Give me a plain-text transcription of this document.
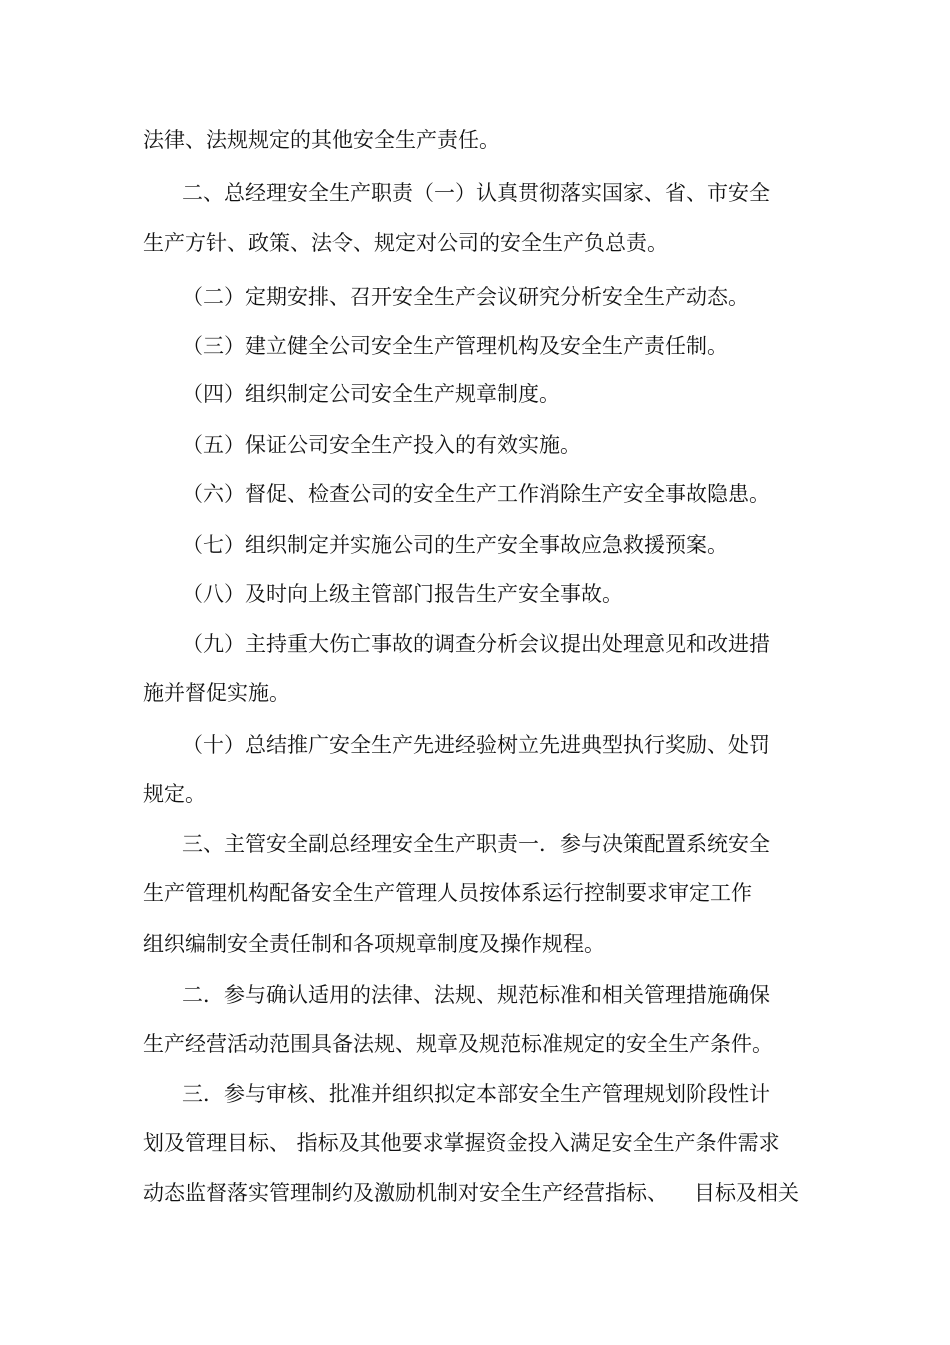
法律、法规规定的其他安全生产责任。
二、总经理安全生产职责（一）认真贯彻落实国家、省、市安全
生产方针、政策、法令、规定对公司的安全生产负总责。
（二）定期安排、召开安全生产会议研究分析安全生产动态。
（三）建立健全公司安全生产管理机构及安全生产责任制。
（四）组织制定公司安全生产规章制度。
（五）保证公司安全生产投入的有效实施。
（六）督促、检查公司的安全生产工作消除生产安全事故隐患。
（七）组织制定并实施公司的生产安全事故应急救援预案。
（八）及时向上级主管部门报告生产安全事故。
（九）主持重大伤亡事故的调查分析会议提出处理意见和改进措
施并督促实施。
（十）总结推广安全生产先进经验树立先进典型执行奖励、处罚
规定。
三、主管安全副总经理安全生产职责一．参与决策配置系统安全
生产管理机构配备安全生产管理人员按体系运行控制要求审定工作
组织编制安全责任制和各项规章制度及操作规程。
二．参与确认适用的法律、法规、规范标准和相关管理措施确保
生产经营活动范围具备法规、规章及规范标准规定的安全生产条件。
三．参与审核、批准并组织拟定本部安全生产管理规划阶段性计
划及管理目标、 指标及其他要求掌握资金投入满足安全生产条件需求
动态监督落实管理制约及激励机制对安全生产经营指标、 目标及相关
